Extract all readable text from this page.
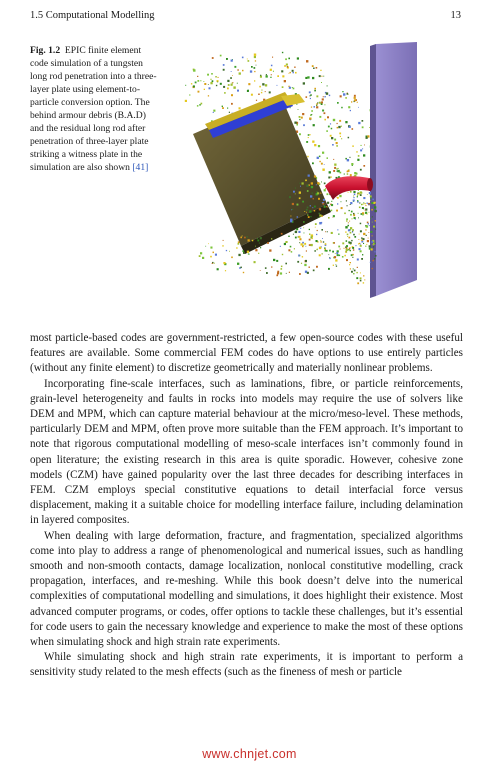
1.5 Computational Modelling	13
Fig. 1.2 EPIC finite element code simulation of a tungsten long rod penetration into a three-layer plate using element-to-particle conversion option. The behind armour debris (B.A.D) and the residual long rod after penetration of three-layer plate striking a witness plate in the simulation are also shown [41]

most particle-based codes are government-restricted, a few open-source codes with these useful features are available. Some commercial FEM codes do have options to use entirely particles (without any finite element) to discretize geometrically and materially nonlinear problems.

Incorporating fine-scale interfaces, such as laminations, fibre, or particle reinforcements, grain-level heterogeneity and faults in rocks into models may require the use of solvers like DEM and MPM, which can capture material behaviour at the micro/meso-level. These methods, particularly DEM and MPM, often prove more suitable than the FEM approach. It’s important to note that rigorous computational modelling of meso-scale interfaces isn’t commonly found in open literature; the existing research in this area is quite sporadic. However, cohesive zone models (CZM) have gained popularity over the last three decades for describing interfaces in FEM. CZM employs special constitutive equations to detail interfacial force versus displacement, making it a suitable choice for modelling interface failure, including delamination in layered composites.

When dealing with large deformation, fracture, and fragmentation, specialized algorithms come into play to address a range of phenomenological and numerical issues, such as handling smooth and non-smooth contacts, damage localization, nonlocal constitutive modelling, crack propagation, interfaces, and re-meshing. While this book doesn’t delve into the numerical complexities of computational modelling and simulations, it does highlight their existence. Most advanced computer programs, or codes, offer options to tackle these challenges, but it’s essential for code users to gain the necessary knowledge and experience to make the most of these options when simulating shock and high strain rate experiments.

While simulating shock and high strain rate experiments, it is important to perform a sensitivity study related to the mesh effects (such as the fineness of mesh or particle

www.chnjet.com
